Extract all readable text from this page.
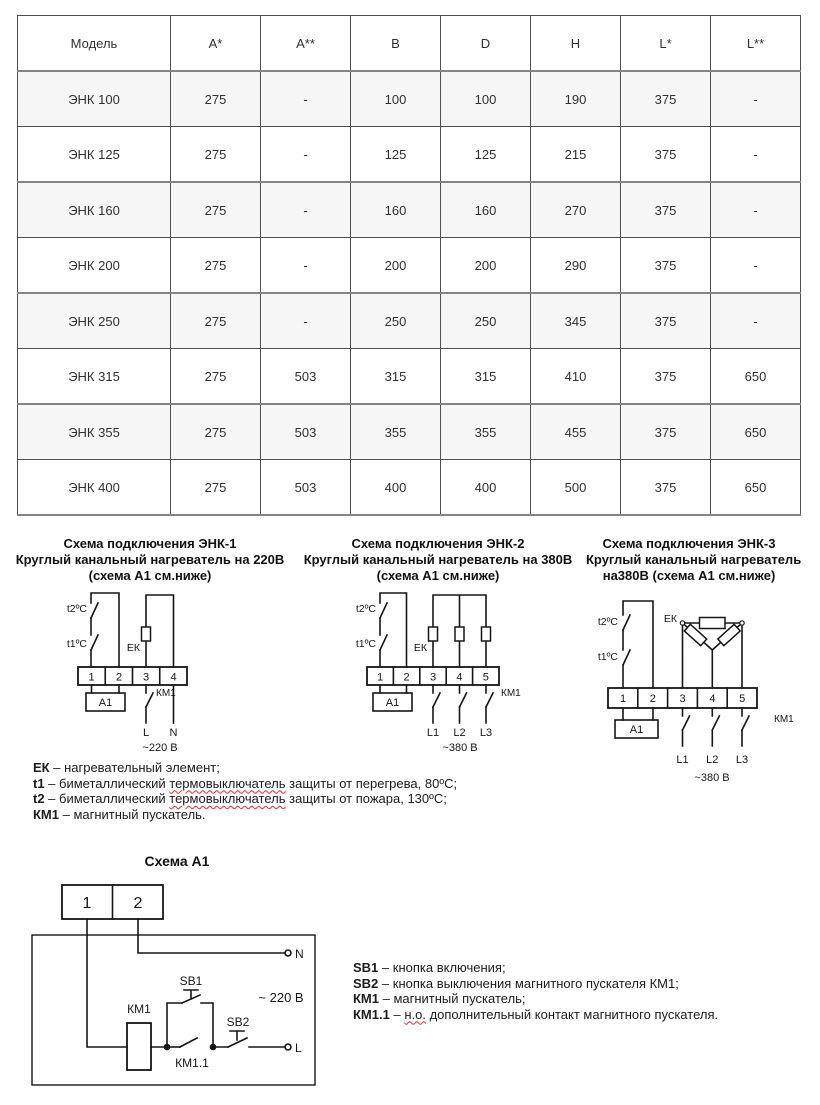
Модель	A*	A**	B	D	H	L*	L**
ЭНК 100	275	-	100	100	190	375	-
ЭНК 125	275	-	125	125	215	375	-
ЭНК 160	275	-	160	160	270	375	-
ЭНК 200	275	-	200	200	290	375	-
ЭНК 250	275	-	250	250	345	375	-
ЭНК 315	275	503	315	315	410	375	650
ЭНК 355	275	503	355	355	455	375	650
ЭНК 400	275	503	400	400	500	375	650
Схема подключения ЭНК-1
Круглый канальный нагреватель на 220В
(схема А1 см.ниже)
Схема подключения ЭНК-2
Круглый канальный нагреватель на 380В
(схема А1 см.ниже)
Схема подключения ЭНК-3
Круглый канальный нагреватель
на380В (схема А1 см.ниже)
t2ºС
t1ºС	ЕК
КМ1
1 2 3 4
А1
L N
~220 В
t2ºС
t1ºС	ЕК
КМ1
1 2 3 4 5
А1
L1 L2 L3
~380 В
t2ºС
t1ºС
ЕК
КМ1
1 2 3 4 5
А1
L1 L2 L3
~380 В
ЕК – нагревательный элемент;
t1 – биметаллический термовыключатель защиты от перегрева, 80ºС;
t2 – биметаллический термовыключатель защиты от пожара, 130ºС;
КМ1 – магнитный пускатель.
Схема А1
1	2
N
L
КМ1
SB1
SB2
КМ1.1
~ 220 В
SB1 – кнопка включения;
SB2 – кнопка выключения магнитного пускателя КМ1;
КМ1 – магнитный пускатель;
КМ1.1 – н.о. дополнительный контакт магнитного пускателя.
